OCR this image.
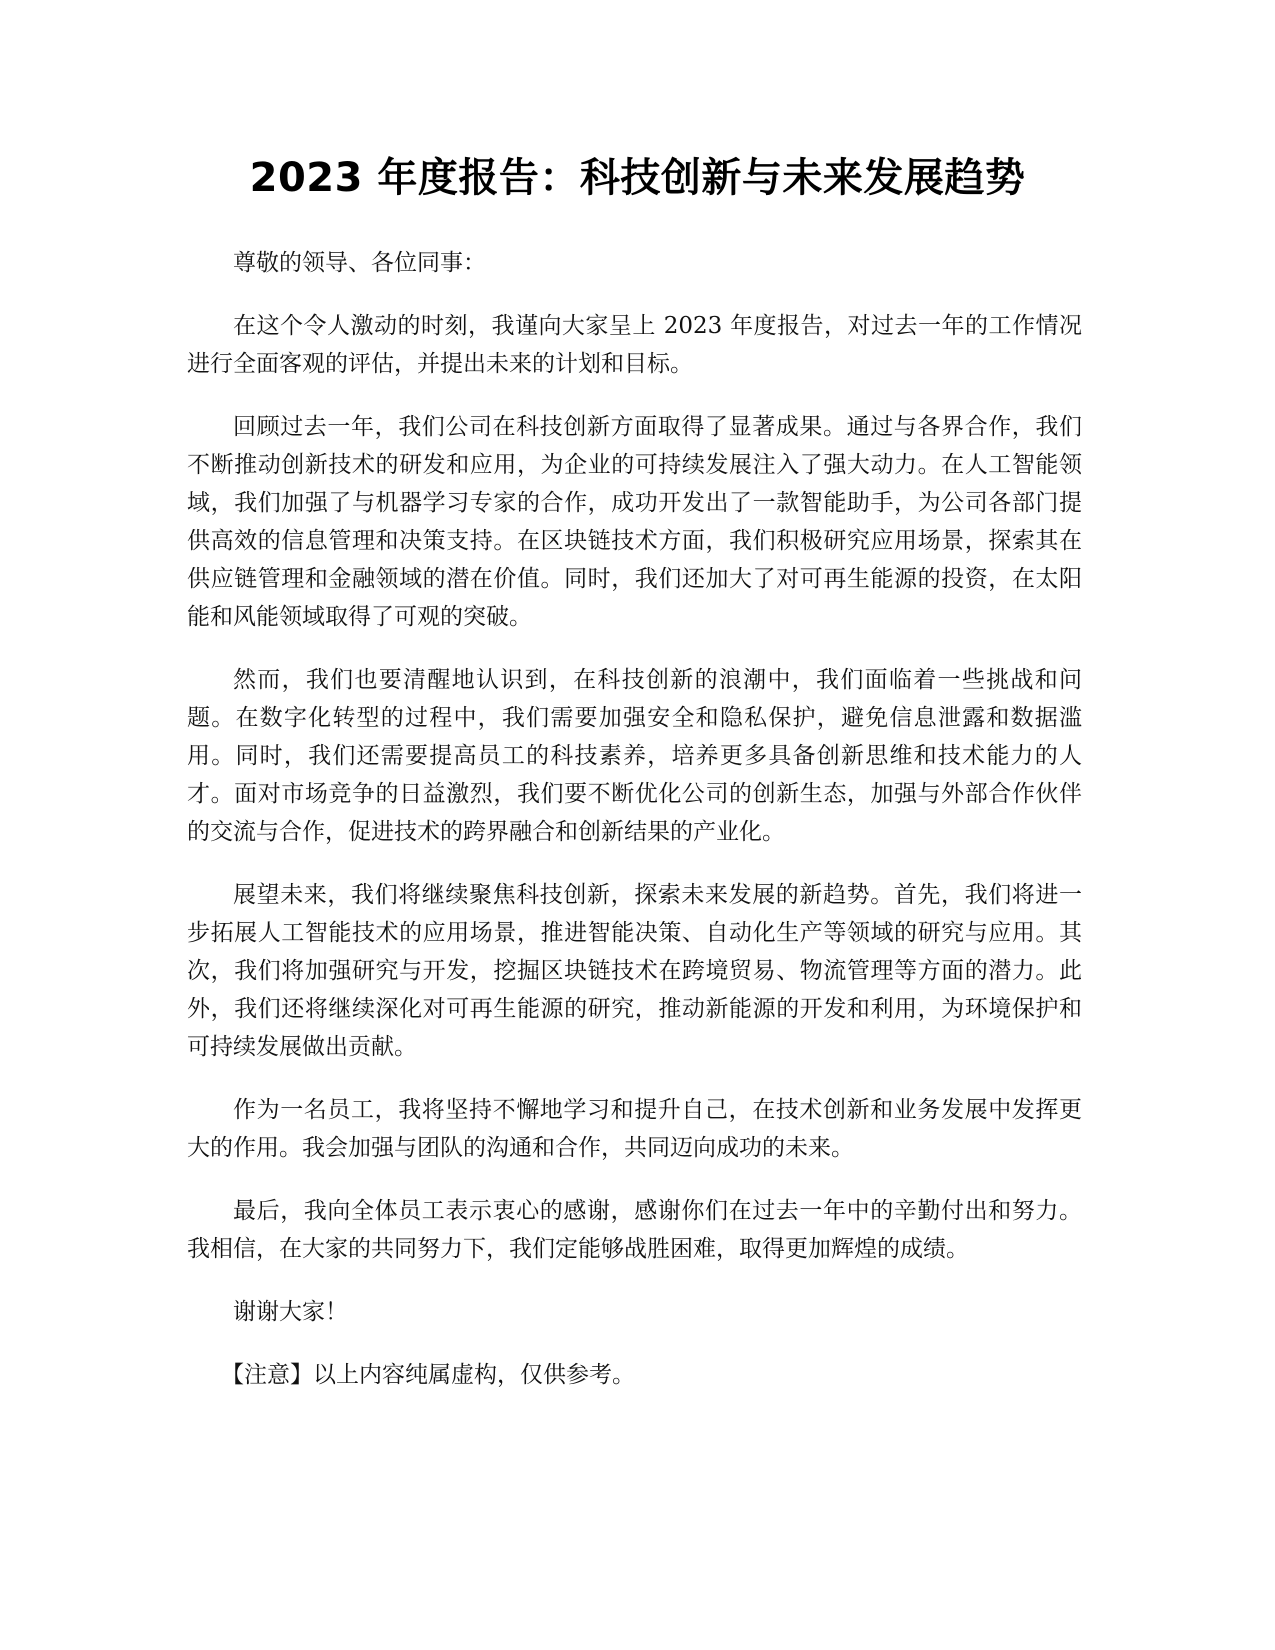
2023 年度报告：科技创新与未来发展趋势

尊敬的领导、各位同事：

在这个令人激动的时刻，我谨向大家呈上 2023 年度报告，对过去一年的工作情况进行全面客观的评估，并提出未来的计划和目标。

回顾过去一年，我们公司在科技创新方面取得了显著成果。通过与各界合作，我们不断推动创新技术的研发和应用，为企业的可持续发展注入了强大动力。在人工智能领域，我们加强了与机器学习专家的合作，成功开发出了一款智能助手，为公司各部门提供高效的信息管理和决策支持。在区块链技术方面，我们积极研究应用场景，探索其在供应链管理和金融领域的潜在价值。同时，我们还加大了对可再生能源的投资，在太阳能和风能领域取得了可观的突破。

然而，我们也要清醒地认识到，在科技创新的浪潮中，我们面临着一些挑战和问题。在数字化转型的过程中，我们需要加强安全和隐私保护，避免信息泄露和数据滥用。同时，我们还需要提高员工的科技素养，培养更多具备创新思维和技术能力的人才。面对市场竞争的日益激烈，我们要不断优化公司的创新生态，加强与外部合作伙伴的交流与合作，促进技术的跨界融合和创新结果的产业化。

展望未来，我们将继续聚焦科技创新，探索未来发展的新趋势。首先，我们将进一步拓展人工智能技术的应用场景，推进智能决策、自动化生产等领域的研究与应用。其次，我们将加强研究与开发，挖掘区块链技术在跨境贸易、物流管理等方面的潜力。此外，我们还将继续深化对可再生能源的研究，推动新能源的开发和利用，为环境保护和可持续发展做出贡献。

作为一名员工，我将坚持不懈地学习和提升自己，在技术创新和业务发展中发挥更大的作用。我会加强与团队的沟通和合作，共同迈向成功的未来。

最后，我向全体员工表示衷心的感谢，感谢你们在过去一年中的辛勤付出和努力。我相信，在大家的共同努力下，我们定能够战胜困难，取得更加辉煌的成绩。

谢谢大家！

【注意】以上内容纯属虚构，仅供参考。
